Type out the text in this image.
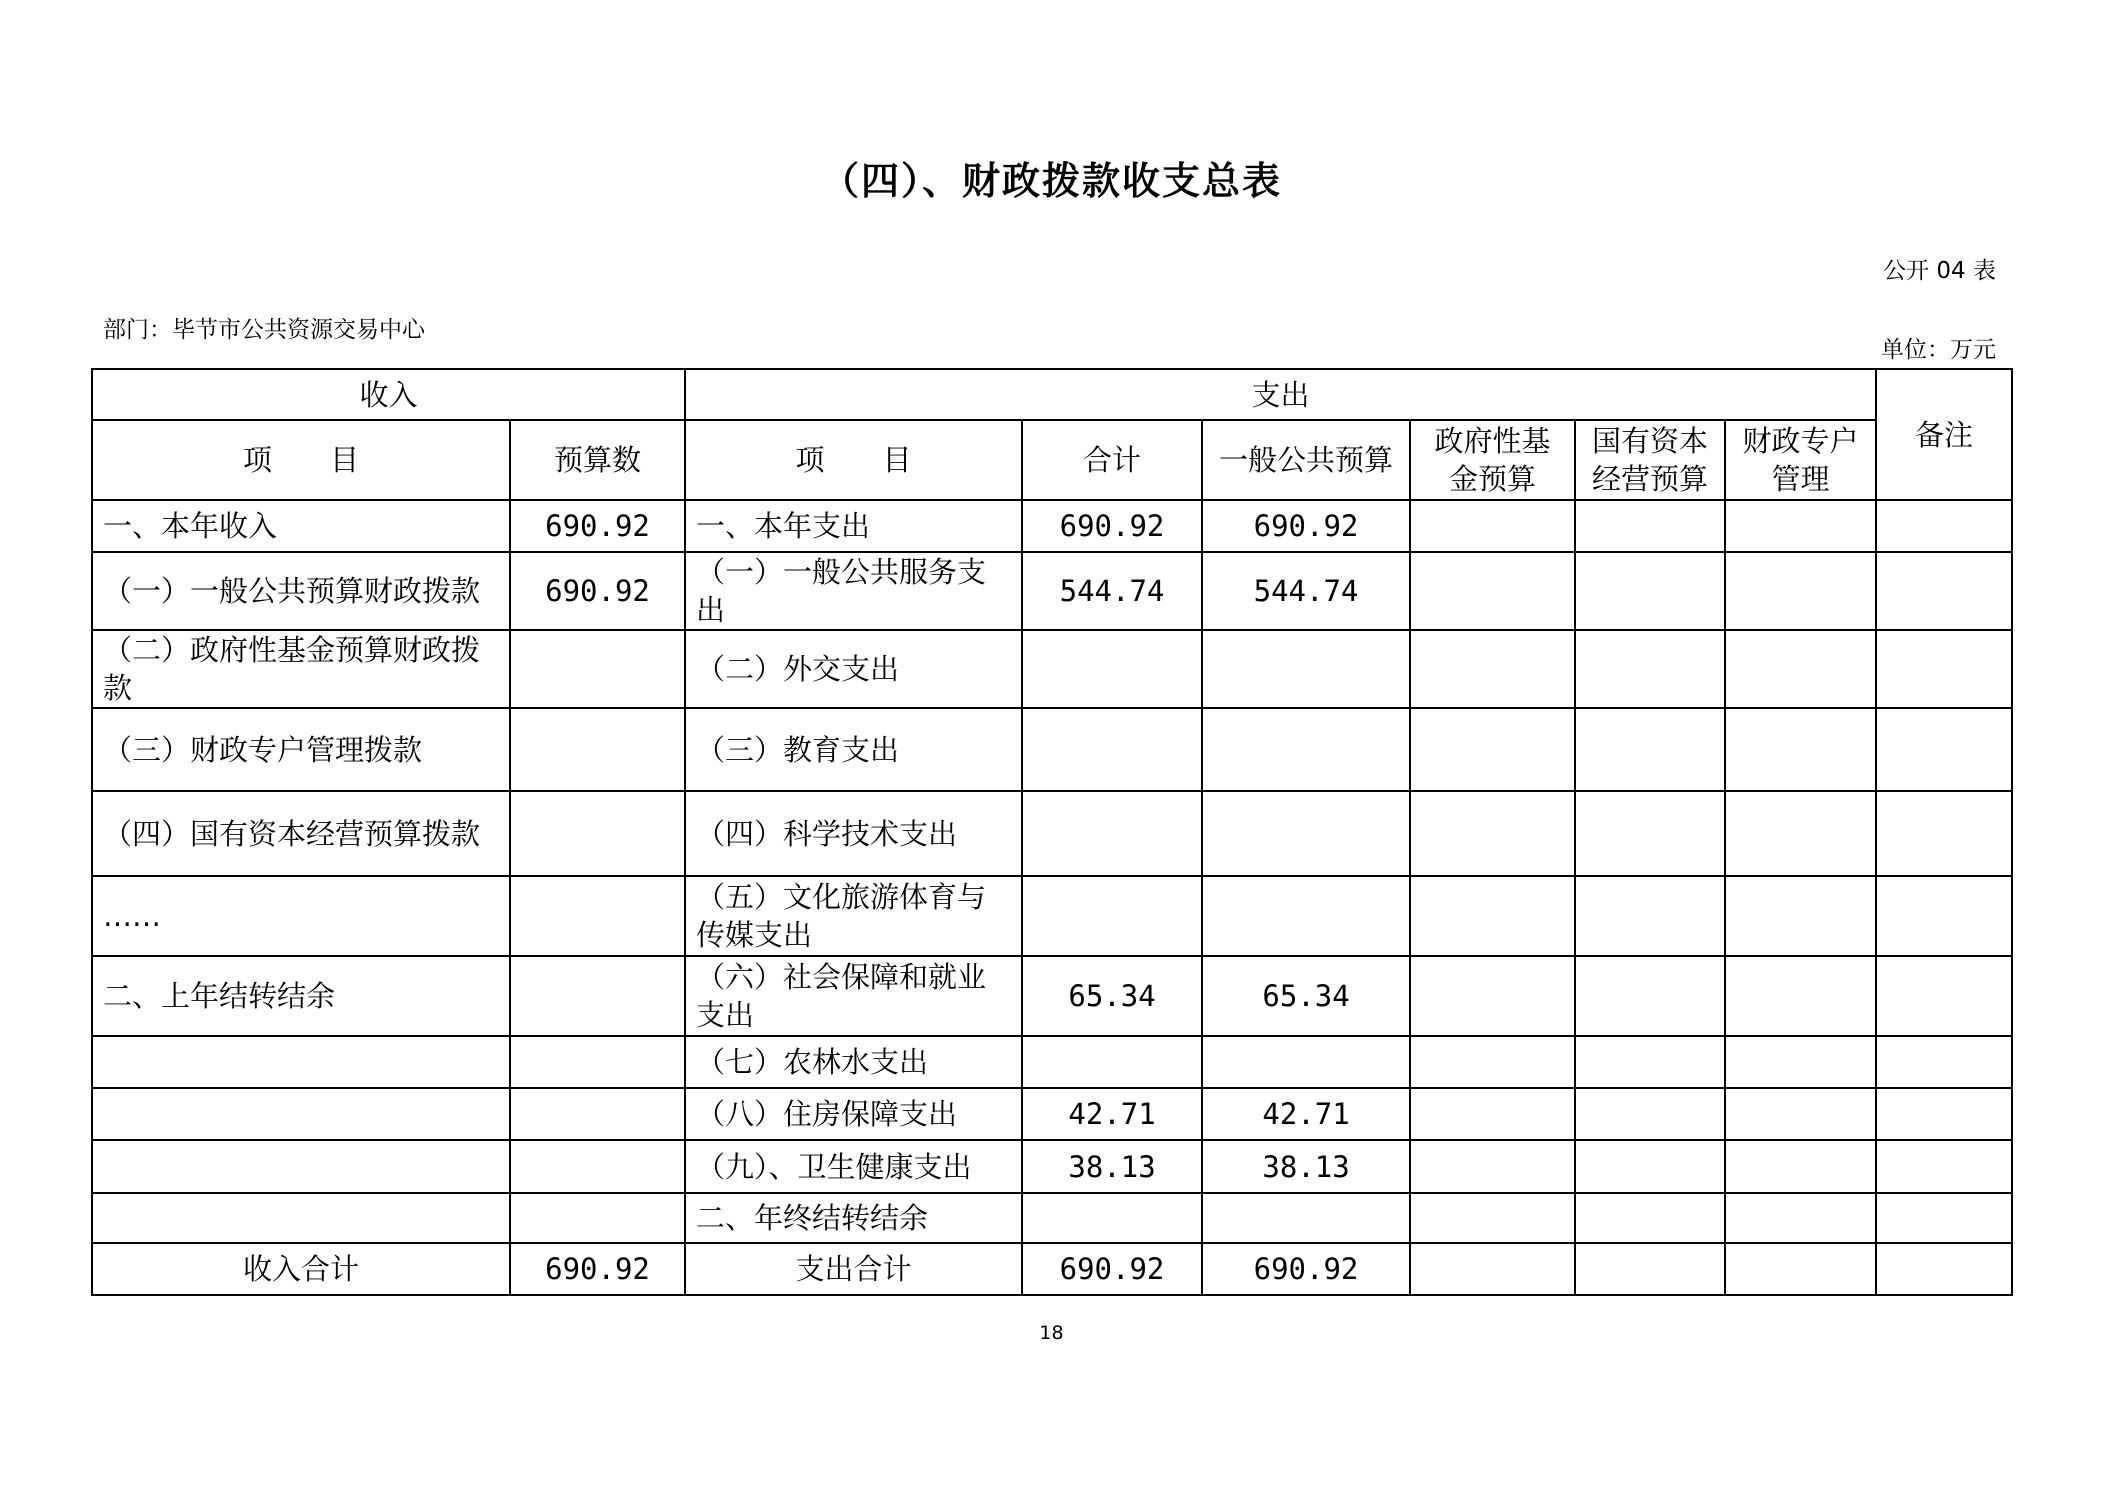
（四）、财政拨款收支总表
公开 04 表
部门：毕节市公共资源交易中心
单位：万元
收入		支出						备注
项　　目	预算数	项　　目	合计	一般公共预算	政府性基金预算	国有资本经营预算	财政专户管理	
一、本年收入	690.92	一、本年支出	690.92	690.92				
（一）一般公共预算财政拨款	690.92	（一）一般公共服务支出	544.74	544.74				
（二）政府性基金预算财政拨款		（二）外交支出						
（三）财政专户管理拨款		（三）教育支出						
（四）国有资本经营预算拨款		（四）科学技术支出						
……		（五）文化旅游体育与传媒支出						
二、上年结转结余		（六）社会保障和就业支出	65.34	65.34				
		（七）农林水支出						
		（八）住房保障支出	42.71	42.71				
		（九）、卫生健康支出	38.13	38.13				
		二、年终结转结余						
收入合计	690.92	支出合计	690.92	690.92				
18
